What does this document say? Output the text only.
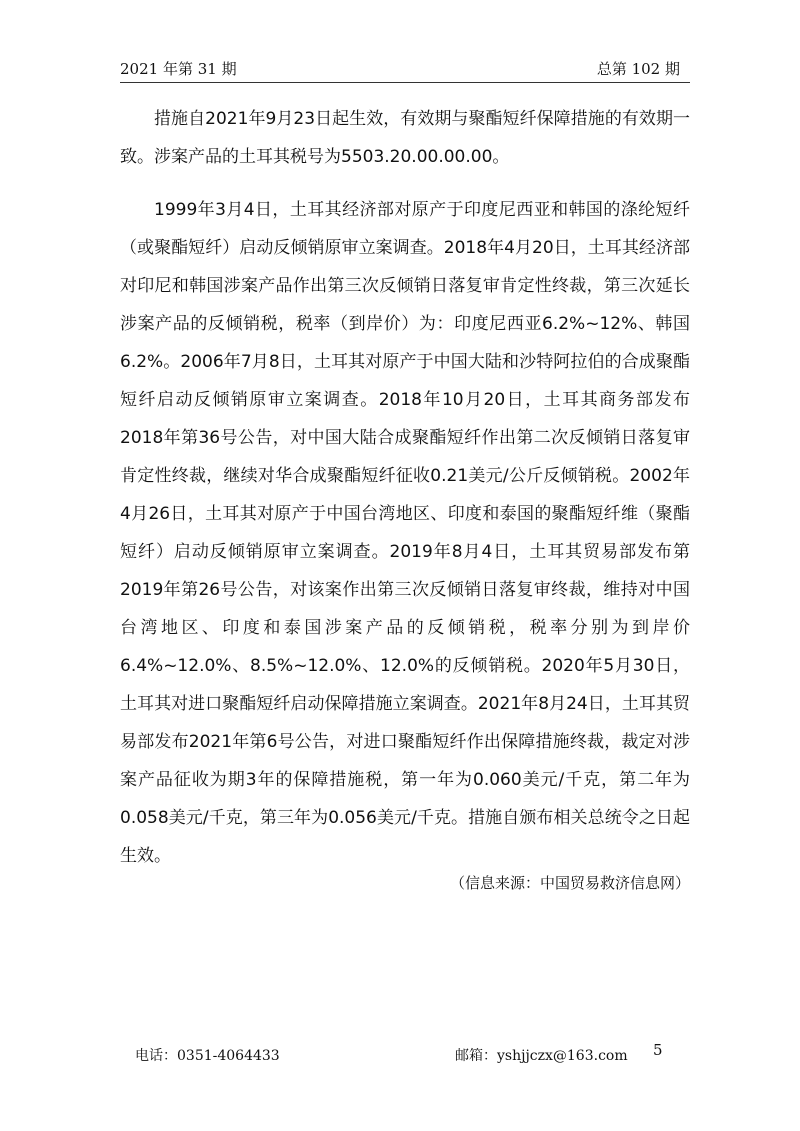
2021 年第 31 期	总第 102 期

措施自2021年9月23日起生效，有效期与聚酯短纤保障措施的有效期一致。涉案产品的土耳其税号为5503.20.00.00.00。

1999年3月4日，土耳其经济部对原产于印度尼西亚和韩国的涤纶短纤（或聚酯短纤）启动反倾销原审立案调查。2018年4月20日，土耳其经济部对印尼和韩国涉案产品作出第三次反倾销日落复审肯定性终裁，第三次延长涉案产品的反倾销税，税率（到岸价）为：印度尼西亚6.2%~12%、韩国6.2%。2006年7月8日，土耳其对原产于中国大陆和沙特阿拉伯的合成聚酯短纤启动反倾销原审立案调查。2018年10月20日，土耳其商务部发布2018年第36号公告，对中国大陆合成聚酯短纤作出第二次反倾销日落复审肯定性终裁，继续对华合成聚酯短纤征收0.21美元/公斤反倾销税。2002年4月26日，土耳其对原产于中国台湾地区、印度和泰国的聚酯短纤维（聚酯短纤）启动反倾销原审立案调查。2019年8月4日，土耳其贸易部发布第2019年第26号公告，对该案作出第三次反倾销日落复审终裁，维持对中国台湾地区、印度和泰国涉案产品的反倾销税，税率分别为到岸价6.4%~12.0%、8.5%~12.0%、12.0%的反倾销税。2020年5月30日，土耳其对进口聚酯短纤启动保障措施立案调查。2021年8月24日，土耳其贸易部发布2021年第6号公告，对进口聚酯短纤作出保障措施终裁，裁定对涉案产品征收为期3年的保障措施税，第一年为0.060美元/千克，第二年为0.058美元/千克，第三年为0.056美元/千克。措施自颁布相关总统令之日起生效。

（信息来源：中国贸易救济信息网）
电话：0351-4064433	邮箱：yshjjczx@163.com 5
